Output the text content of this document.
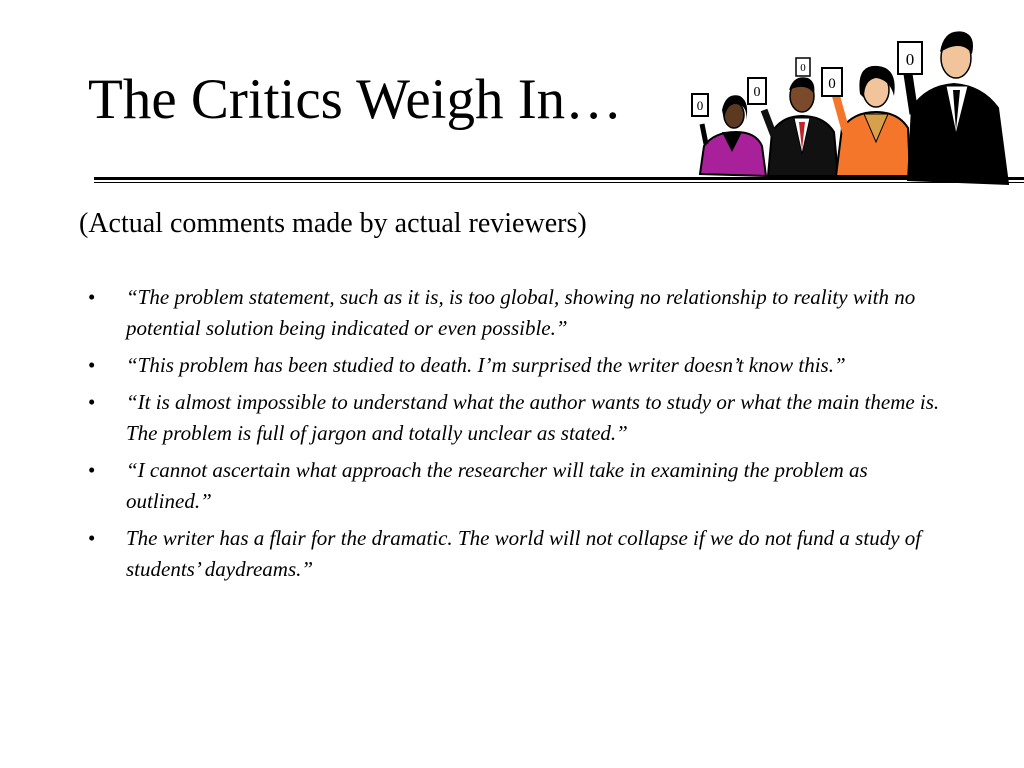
The Critics Weigh In…	0
0
0
0
0
(Actual comments made by actual reviewers)
• “The problem statement, such as it is, is too global, showing no relationship to reality with no potential solution being indicated or even possible.”
• “This problem has been studied to death. I’m surprised the writer doesn’t know this.”
• “It is almost impossible to understand what the author wants to study or what the main theme is. The problem is full of jargon and totally unclear as stated.”
• “I cannot ascertain what approach the researcher will take in examining the problem as outlined.”
• The writer has a flair for the dramatic. The world will not collapse if we do not fund a study of students’ daydreams.”
